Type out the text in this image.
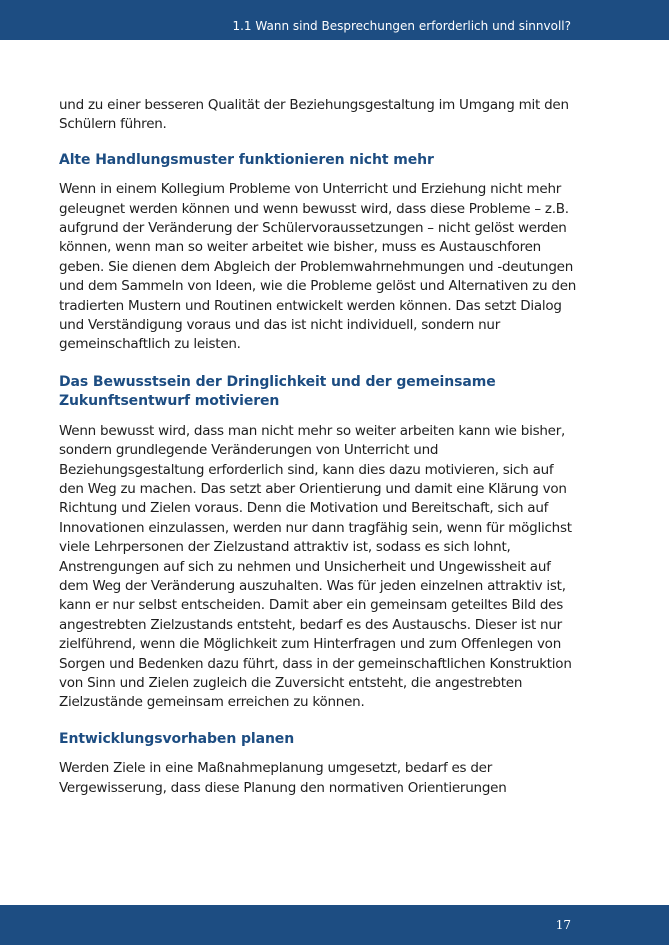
1.1 Wann sind Besprechungen erforderlich und sinnvoll?

und zu einer besseren Qualität der Beziehungsgestaltung im Umgang mit den Schülern führen.

Alte Handlungsmuster funktionieren nicht mehr

Wenn in einem Kollegium Probleme von Unterricht und Erziehung nicht mehr geleugnet werden können und wenn bewusst wird, dass diese Probleme – z.B. aufgrund der Veränderung der Schülervoraussetzungen – nicht gelöst werden können, wenn man so weiter arbeitet wie bisher, muss es Austauschforen geben. Sie dienen dem Abgleich der Problemwahrnehmungen und -deutungen und dem Sammeln von Ideen, wie die Probleme gelöst und Alternativen zu den tradierten Mustern und Routinen entwickelt werden können. Das setzt Dialog und Verständigung voraus und das ist nicht individuell, sondern nur gemeinschaftlich zu leisten.

Das Bewusstsein der Dringlichkeit und der gemeinsame Zukunftsentwurf motivieren

Wenn bewusst wird, dass man nicht mehr so weiter arbeiten kann wie bisher, sondern grundlegende Veränderungen von Unterricht und Beziehungsgestaltung erforderlich sind, kann dies dazu motivieren, sich auf den Weg zu machen. Das setzt aber Orientierung und damit eine Klärung von Richtung und Zielen voraus. Denn die Motivation und Bereitschaft, sich auf Innovationen einzulassen, werden nur dann tragfähig sein, wenn für möglichst viele Lehrpersonen der Zielzustand attraktiv ist, sodass es sich lohnt, Anstrengungen auf sich zu nehmen und Unsicherheit und Ungewissheit auf dem Weg der Veränderung auszuhalten. Was für jeden einzelnen attraktiv ist, kann er nur selbst entscheiden. Damit aber ein gemeinsam geteiltes Bild des angestrebten Zielzustands entsteht, bedarf es des Austauschs. Dieser ist nur zielführend, wenn die Möglichkeit zum Hinterfragen und zum Offenlegen von Sorgen und Bedenken dazu führt, dass in der gemeinschaftlichen Konstruktion von Sinn und Zielen zugleich die Zuversicht entsteht, die angestrebten Zielzustände gemeinsam erreichen zu können.

Entwicklungsvorhaben planen

Werden Ziele in eine Maßnahmeplanung umgesetzt, bedarf es der Vergewisserung, dass diese Planung den normativen Orientierungen

17
